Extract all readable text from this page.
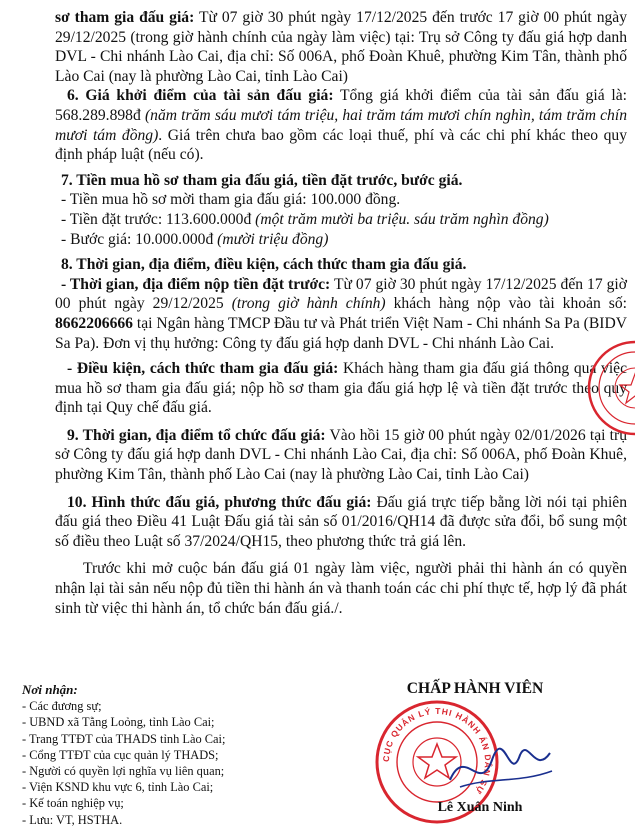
sơ tham gia đấu giá: Từ 07 giờ 30 phút ngày 17/12/2025 đến trước 17 giờ 00 phút ngày 29/12/2025 (trong giờ hành chính của ngày làm việc) tại: Trụ sở Công ty đấu giá hợp danh DVL - Chi nhánh Lào Cai, địa chỉ: Số 006A, phố Đoàn Khuê, phường Kim Tân, thành phố Lào Cai (nay là phường Lào Cai, tỉnh Lào Cai)

6. Giá khởi điểm của tài sản đấu giá: Tổng giá khởi điểm của tài sản đấu giá là: 568.289.898đ (năm trăm sáu mươi tám triệu, hai trăm tám mươi chín nghìn, tám trăm chín mươi tám đồng). Giá trên chưa bao gồm các loại thuế, phí và các chi phí khác theo quy định pháp luật (nếu có).

7. Tiền mua hồ sơ tham gia đấu giá, tiền đặt trước, bước giá.

- Tiền mua hồ sơ mời tham gia đấu giá: 100.000 đồng.

- Tiền đặt trước: 113.600.000đ (một trăm mười ba triệu. sáu trăm nghìn đồng)

- Bước giá: 10.000.000đ (mười triệu đồng)

8. Thời gian, địa điểm, điều kiện, cách thức tham gia đấu giá.

- Thời gian, địa điểm nộp tiền đặt trước: Từ 07 giờ 30 phút ngày 17/12/2025 đến 17 giờ 00 phút ngày 29/12/2025 (trong giờ hành chính) khách hàng nộp vào tài khoản số: 8662206666 tại Ngân hàng TMCP Đầu tư và Phát triển Việt Nam - Chi nhánh Sa Pa (BIDV Sa Pa). Đơn vị thụ hưởng: Công ty đấu giá hợp danh DVL - Chi nhánh Lào Cai.

- Điều kiện, cách thức tham gia đấu giá: Khách hàng tham gia đấu giá thông qua việc mua hồ sơ tham gia đấu giá; nộp hồ sơ tham gia đấu giá hợp lệ và tiền đặt trước theo quy định tại Quy chế đấu giá.

9. Thời gian, địa điểm tổ chức đấu giá: Vào hồi 15 giờ 00 phút ngày 02/01/2026 tại trụ sở Công ty đấu giá hợp danh DVL - Chi nhánh Lào Cai, địa chỉ: Số 006A, phố Đoàn Khuê, phường Kim Tân, thành phố Lào Cai (nay là phường Lào Cai, tỉnh Lào Cai)

10. Hình thức đấu giá, phương thức đấu giá: Đấu giá trực tiếp bằng lời nói tại phiên đấu giá theo Điều 41 Luật Đấu giá tài sản số 01/2016/QH14 đã được sửa đổi, bổ sung một số điều theo Luật số 37/2024/QH15, theo phương thức trả giá lên.

Trước khi mở cuộc bán đấu giá 01 ngày làm việc, người phải thi hành án có quyền nhận lại tài sản nếu nộp đủ tiền thi hành án và thanh toán các chi phí thực tế, hợp lý đã phát sinh từ việc thi hành án, tổ chức bán đấu giá./.

Nơi nhận:
- Các đương sự;
- UBND xã Tằng Loỏng, tỉnh Lào Cai;
- Trang TTĐT của THADS tỉnh Lào Cai;
- Cổng TTĐT của cục quản lý THADS;
- Người có quyền lợi nghĩa vụ liên quan;
- Viện KSND khu vực 6, tỉnh Lào Cai;
- Kế toán nghiệp vụ;
- Lưu: VT, HSTHA.
CHẤP HÀNH VIÊN
CỤC QUẢN LÝ THI HÀNH ÁN DÂN SỰ
Lê Xuân Ninh
